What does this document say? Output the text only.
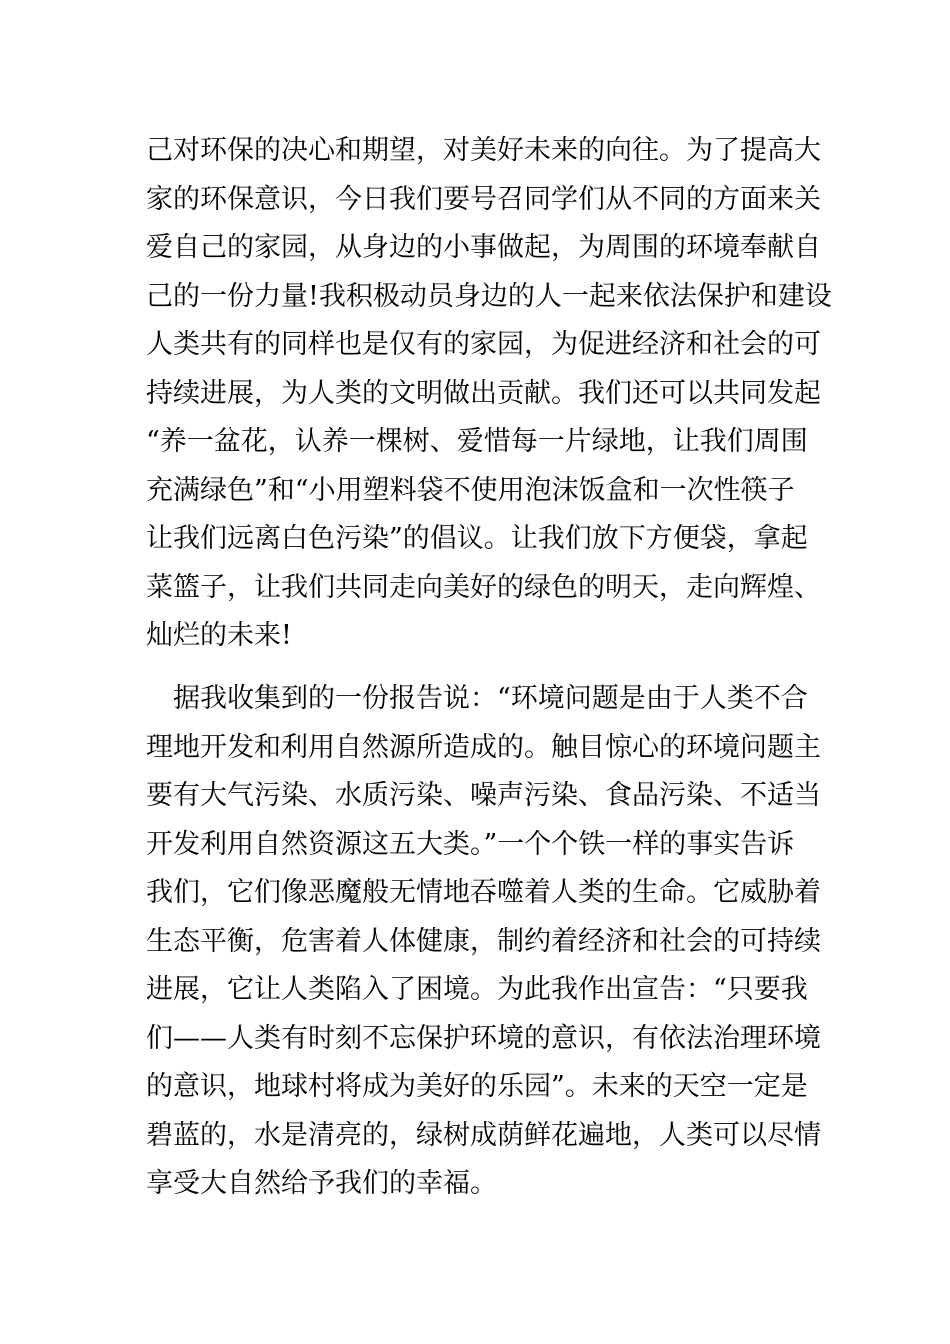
己对环保的决心和期望，对美好未来的向往。为了提高大
家的环保意识，今日我们要号召同学们从不同的方面来关
爱自己的家园，从身边的小事做起，为周围的环境奉献自
己的一份力量!我积极动员身边的人一起来依法保护和建设
人类共有的同样也是仅有的家园，为促进经济和社会的可
持续进展，为人类的文明做出贡献。我们还可以共同发起
“养一盆花，认养一棵树、爱惜每一片绿地，让我们周围
充满绿色”和“小用塑料袋不使用泡沫饭盒和一次性筷子
让我们远离白色污染”的倡议。让我们放下方便袋，拿起
菜篮子，让我们共同走向美好的绿色的明天，走向辉煌、
灿烂的未来!
据我收集到的一份报告说：“环境问题是由于人类不合
理地开发和利用自然源所造成的。触目惊心的环境问题主
要有大气污染、水质污染、噪声污染、食品污染、不适当
开发利用自然资源这五大类。”一个个铁一样的事实告诉
我们，它们像恶魔般无情地吞噬着人类的生命。它威胁着
生态平衡，危害着人体健康，制约着经济和社会的可持续
进展，它让人类陷入了困境。为此我作出宣告：“只要我
们——人类有时刻不忘保护环境的意识，有依法治理环境
的意识，地球村将成为美好的乐园”。未来的天空一定是
碧蓝的，水是清亮的，绿树成荫鲜花遍地，人类可以尽情
享受大自然给予我们的幸福。
